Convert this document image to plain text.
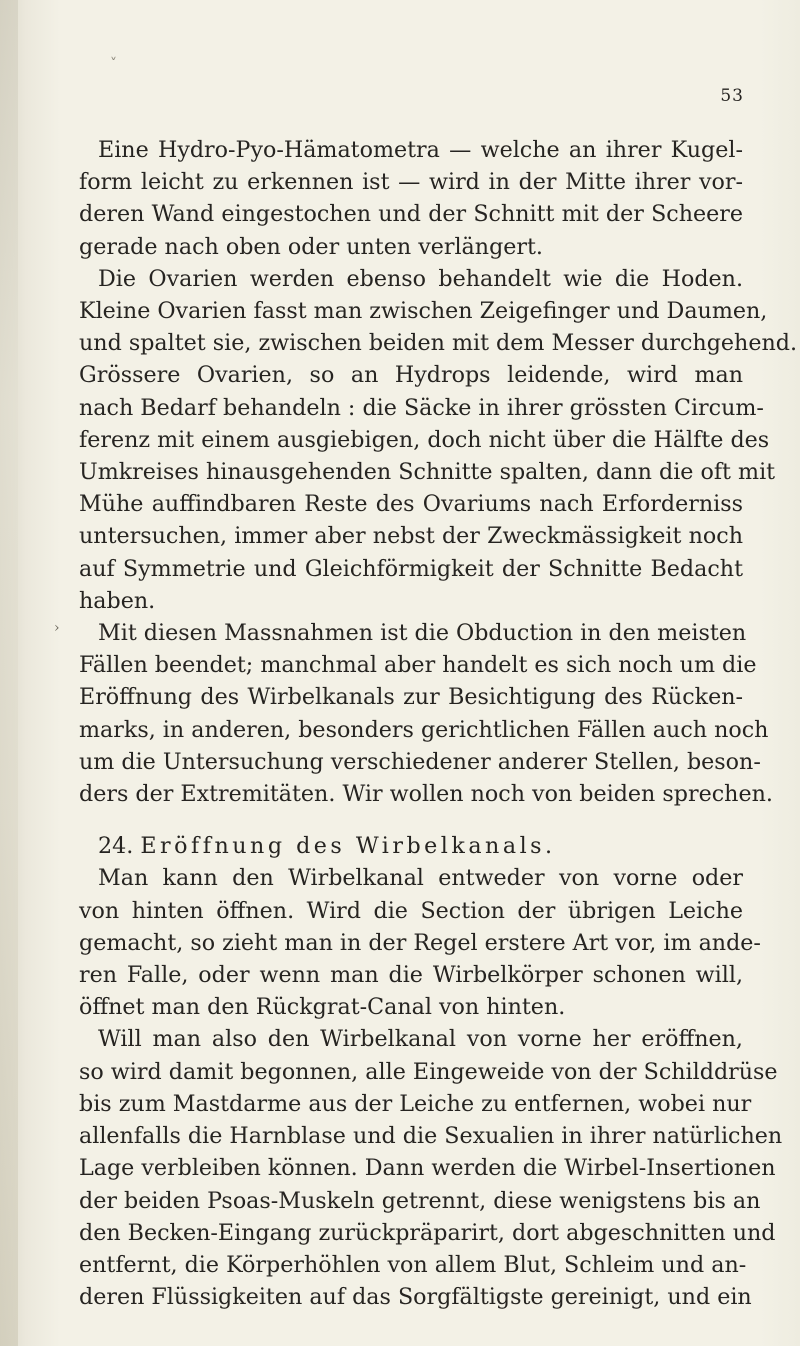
˅
53
›
Eine Hydro-Pyo-Hämatometra — welche an ihrer Kugel-
form leicht zu erkennen ist — wird in der Mitte ihrer vor-
deren Wand eingestochen und der Schnitt mit der Scheere
gerade nach oben oder unten verlängert.
Die Ovarien werden ebenso behandelt wie die Hoden.
Kleine Ovarien fasst man zwischen Zeigefinger und Daumen,
und spaltet sie, zwischen beiden mit dem Messer durchgehend.
Grössere Ovarien, so an Hydrops leidende, wird man
nach Bedarf behandeln : die Säcke in ihrer grössten Circum-
ferenz mit einem ausgiebigen, doch nicht über die Hälfte des
Umkreises hinausgehenden Schnitte spalten, dann die oft mit
Mühe auffindbaren Reste des Ovariums nach Erforderniss
untersuchen, immer aber nebst der Zweckmässigkeit noch
auf Symmetrie und Gleichförmigkeit der Schnitte Bedacht
haben.
Mit diesen Massnahmen ist die Obduction in den meisten
Fällen beendet; manchmal aber handelt es sich noch um die
Eröffnung des Wirbelkanals zur Besichtigung des Rücken-
marks, in anderen, besonders gerichtlichen Fällen auch noch
um die Untersuchung verschiedener anderer Stellen, beson-
ders der Extremitäten. Wir wollen noch von beiden sprechen.
24. Eröffnung des Wirbelkanals.
Man kann den Wirbelkanal entweder von vorne oder
von hinten öffnen. Wird die Section der übrigen Leiche
gemacht, so zieht man in der Regel erstere Art vor, im ande-
ren Falle, oder wenn man die Wirbelkörper schonen will,
öffnet man den Rückgrat-Canal von hinten.
Will man also den Wirbelkanal von vorne her eröffnen,
so wird damit begonnen, alle Eingeweide von der Schilddrüse
bis zum Mastdarme aus der Leiche zu entfernen, wobei nur
allenfalls die Harnblase und die Sexualien in ihrer natürlichen
Lage verbleiben können. Dann werden die Wirbel-Insertionen
der beiden Psoas-Muskeln getrennt, diese wenigstens bis an
den Becken-Eingang zurückpräparirt, dort abgeschnitten und
entfernt, die Körperhöhlen von allem Blut, Schleim und an-
deren Flüssigkeiten auf das Sorgfältigste gereinigt, und ein
